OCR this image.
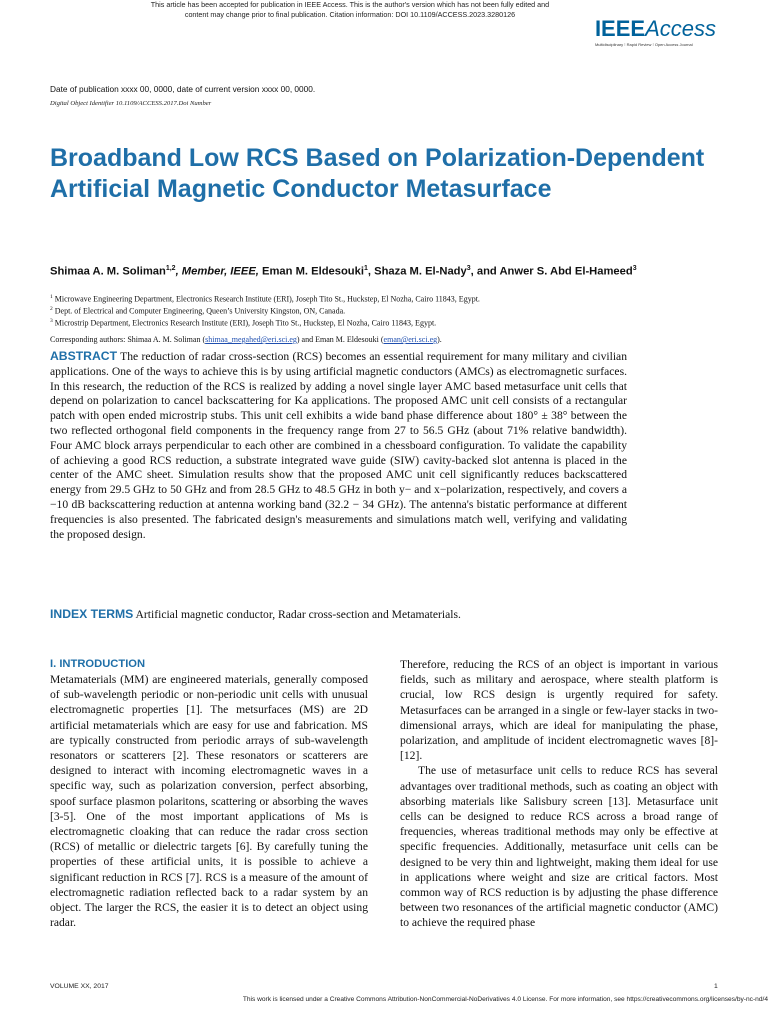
This article has been accepted for publication in IEEE Access. This is the author's version which has not been fully edited and
content may change prior to final publication. Citation information: DOI 10.1109/ACCESS.2023.3280126
IEEEAccess
Multidisciplinary ⁝ Rapid Review ⁝ Open Access Journal
Date of publication xxxx 00, 0000, date of current version xxxx 00, 0000.
Digital Object Identifier 10.1109/ACCESS.2017.Doi Number
Broadband Low RCS Based on Polarization-Dependent Artificial Magnetic Conductor Metasurface
Shimaa A. M. Soliman$^{1,2}$, Member, IEEE, Eman M. Eldesouki$^1$, Shaza M. El-Nady$^3$, and Anwer S. Abd El-Hameed$^3$
$^1$ Microwave Engineering Department, Electronics Research Institute (ERI), Joseph Tito St., Huckstep, El Nozha, Cairo 11843, Egypt.
$^2$ Dept. of Electrical and Computer Engineering, Queen’s University Kingston, ON, Canada.
$^3$ Microstrip Department, Electronics Research Institute (ERI), Joseph Tito St., Huckstep, El Nozha, Cairo 11843, Egypt.
Corresponding authors: Shimaa A. M. Soliman (shimaa_megahed@eri.sci.eg) and Eman M. Eldesouki (eman@eri.sci.eg).
ABSTRACT The reduction of radar cross-section (RCS) becomes an essential requirement for many military and civilian applications. One of the ways to achieve this is by using artificial magnetic conductors (AMCs) as electromagnetic surfaces. In this research, the reduction of the RCS is realized by adding a novel single layer AMC based metasurface unit cells that depend on polarization to cancel backscattering for Ka applications. The proposed AMC unit cell consists of a rectangular patch with open ended microstrip stubs. This unit cell exhibits a wide band phase difference about 180° ± 38° between the two reflected orthogonal field components in the frequency range from 27 to 56.5 GHz (about 71% relative bandwidth). Four AMC block arrays perpendicular to each other are combined in a chessboard configuration. To validate the capability of achieving a good RCS reduction, a substrate integrated wave guide (SIW) cavity-backed slot antenna is placed in the center of the AMC sheet. Simulation results show that the proposed AMC unit cell significantly reduces backscattered energy from 29.5 GHz to 50 GHz and from 28.5 GHz to 48.5 GHz in both y− and x−polarization, respectively, and covers a −10 dB backscattering reduction at antenna working band (32.2 − 34 GHz). The antenna's bistatic performance at different frequencies is also presented. The fabricated design's measurements and simulations match well, verifying and validating the proposed design.
INDEX TERMS Artificial magnetic conductor, Radar cross-section and Metamaterials.
I. INTRODUCTION

Metamaterials (MM) are engineered materials, generally composed of sub-wavelength periodic or non-periodic unit cells with unusual electromagnetic properties [1]. The metsurfaces (MS) are 2D artificial metamaterials which are easy for use and fabrication. MS are typically constructed from periodic arrays of sub-wavelength resonators or scatterers [2]. These resonators or scatterers are designed to interact with incoming electromagnetic waves in a specific way, such as polarization conversion, perfect absorbing, spoof surface plasmon polaritons, scattering or absorbing the waves [3-5]. One of the most important applications of Ms is electromagnetic cloaking that can reduce the radar cross section (RCS) of metallic or dielectric targets [6]. By carefully tuning the properties of these artificial units, it is possible to achieve a significant reduction in RCS [7]. RCS is a measure of the amount of electromagnetic radiation reflected back to a radar system by an object. The larger the RCS, the easier it is to detect an object using radar.

Therefore, reducing the RCS of an object is important in various fields, such as military and aerospace, where stealth platform is crucial, low RCS design is urgently required for safety. Metasurfaces can be arranged in a single or few-layer stacks in two-dimensional arrays, which are ideal for manipulating the phase, polarization, and amplitude of incident electromagnetic waves [8]-[12].

The use of metasurface unit cells to reduce RCS has several advantages over traditional methods, such as coating an object with absorbing materials like Salisbury screen [13]. Metasurface unit cells can be designed to reduce RCS across a broad range of frequencies, whereas traditional methods may only be effective at specific frequencies. Additionally, metasurface unit cells can be designed to be very thin and lightweight, making them ideal for use in applications where weight and size are critical factors. Most common way of RCS reduction is by adjusting the phase difference between two resonances of the artificial magnetic conductor (AMC) to achieve the required phase

VOLUME XX, 2017	1
This work is licensed under a Creative Commons Attribution-NonCommercial-NoDerivatives 4.0 License. For more information, see https://creativecommons.org/licenses/by-nc-nd/4
